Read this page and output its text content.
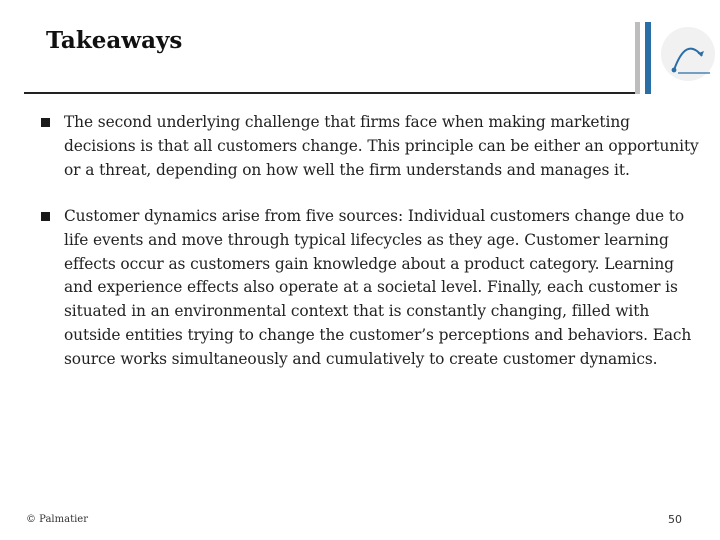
Takeaways
The second underlying challenge that firms face when making marketing decisions is that all customers change. This principle can be either an opportunity or a threat, depending on how well the firm understands and manages it.
Customer dynamics arise from five sources: Individual customers change due to life events and move through typical lifecycles as they age. Customer learning effects occur as customers gain knowledge about a product category. Learning and experience effects also operate at a societal level. Finally, each customer is situated in an environmental context that is constantly changing, filled with outside entities trying to change the customer’s perceptions and behaviors. Each source works simultaneously and cumulatively to create customer dynamics.
© Palmatier	50
